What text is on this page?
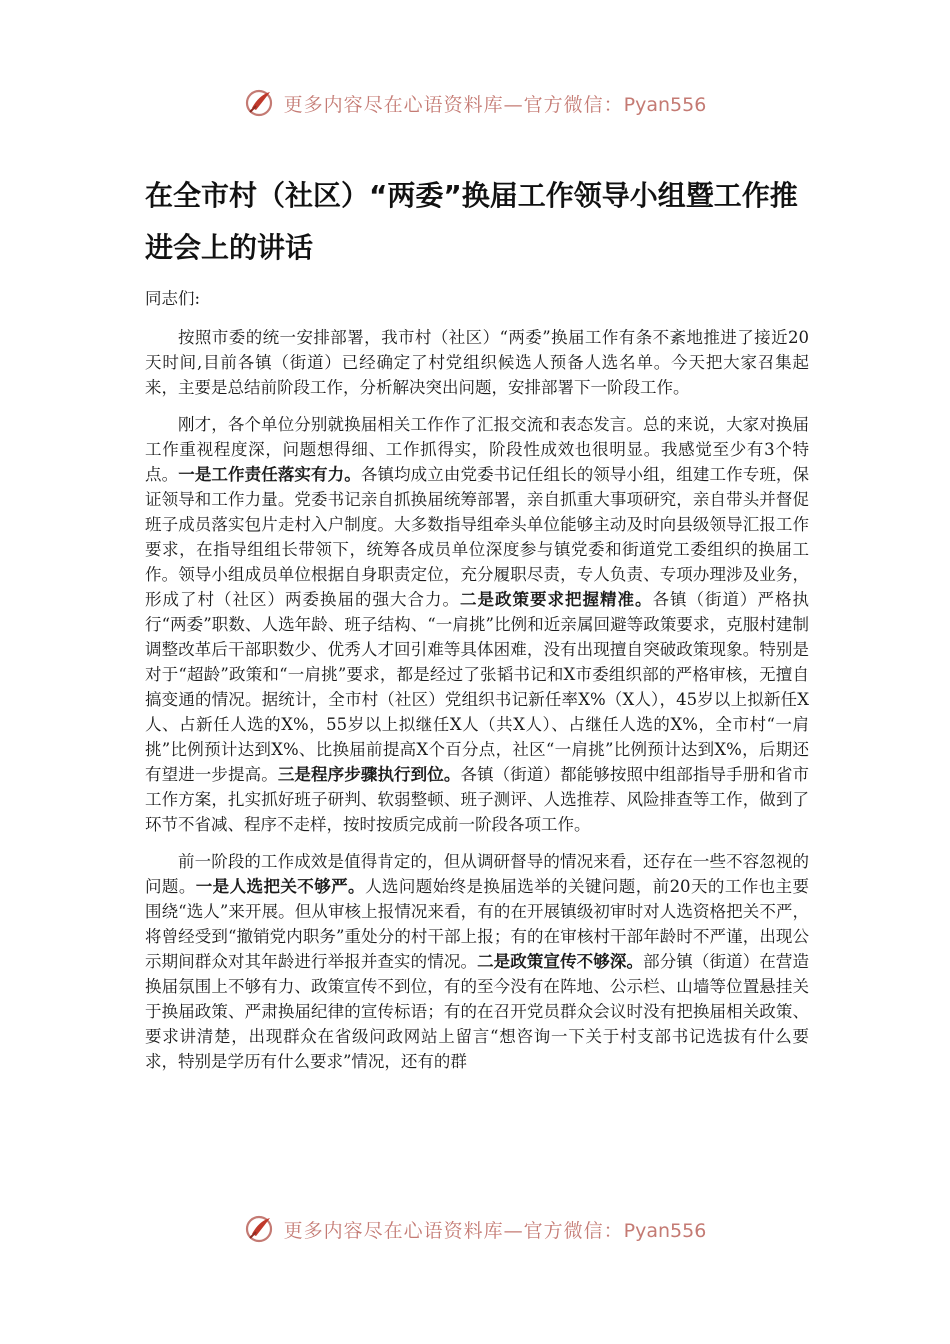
更多内容尽在心语资料库—官方微信：Pyan556
在全市村（社区）“两委”换届工作领导小组暨工作推进会上的讲话

同志们:

按照市委的统一安排部署，我市村（社区）“两委”换届工作有条不紊地推进了接近20天时间,目前各镇（街道）已经确定了村党组织候选人预备人选名单。今天把大家召集起来，主要是总结前阶段工作，分析解决突出问题，安排部署下一阶段工作。

刚才，各个单位分别就换届相关工作作了汇报交流和表态发言。总的来说，大家对换届工作重视程度深，问题想得细、工作抓得实，阶段性成效也很明显。我感觉至少有3个特点。一是工作责任落实有力。各镇均成立由党委书记任组长的领导小组，组建工作专班，保证领导和工作力量。党委书记亲自抓换届统筹部署，亲自抓重大事项研究，亲自带头并督促班子成员落实包片走村入户制度。大多数指导组牵头单位能够主动及时向县级领导汇报工作要求，在指导组组长带领下，统筹各成员单位深度参与镇党委和街道党工委组织的换届工作。领导小组成员单位根据自身职责定位，充分履职尽责，专人负责、专项办理涉及业务，形成了村（社区）两委换届的强大合力。二是政策要求把握精准。各镇（街道）严格执行“两委”职数、人选年龄、班子结构、“一肩挑”比例和近亲属回避等政策要求，克服村建制调整改革后干部职数少、优秀人才回引难等具体困难，没有出现擅自突破政策现象。特别是对于“超龄”政策和“一肩挑”要求，都是经过了张韬书记和X市委组织部的严格审核，无擅自搞变通的情况。据统计，全市村（社区）党组织书记新任率X%（X人），45岁以上拟新任X人、占新任人选的X%，55岁以上拟继任X人（共X人）、占继任人选的X%，全市村“一肩挑”比例预计达到X%、比换届前提高X个百分点，社区“一肩挑”比例预计达到X%，后期还有望进一步提高。三是程序步骤执行到位。各镇（街道）都能够按照中组部指导手册和省市工作方案，扎实抓好班子研判、软弱整顿、班子测评、人选推荐、风险排查等工作，做到了环节不省减、程序不走样，按时按质完成前一阶段各项工作。

前一阶段的工作成效是值得肯定的，但从调研督导的情况来看，还存在一些不容忽视的问题。一是人选把关不够严。人选问题始终是换届选举的关键问题，前20天的工作也主要围绕“选人”来开展。但从审核上报情况来看，有的在开展镇级初审时对人选资格把关不严，将曾经受到“撤销党内职务”重处分的村干部上报；有的在审核村干部年龄时不严谨，出现公示期间群众对其年龄进行举报并查实的情况。二是政策宣传不够深。部分镇（街道）在营造换届氛围上不够有力、政策宣传不到位，有的至今没有在阵地、公示栏、山墙等位置悬挂关于换届政策、严肃换届纪律的宣传标语；有的在召开党员群众会议时没有把换届相关政策、要求讲清楚，出现群众在省级问政网站上留言“想咨询一下关于村支部书记选拔有什么要求，特别是学历有什么要求”情况，还有的群

更多内容尽在心语资料库—官方微信：Pyan556
